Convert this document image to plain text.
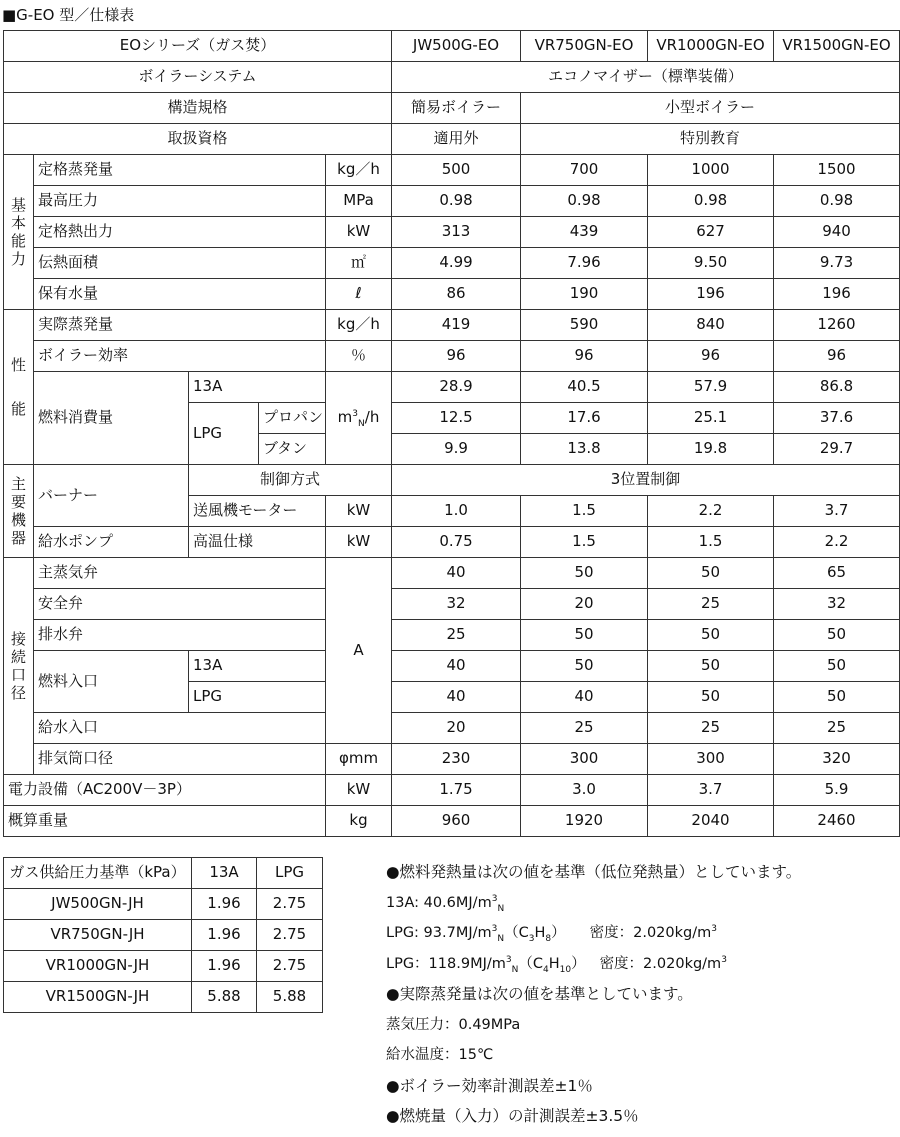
■G-EO 型／仕様表
EOシリーズ（ガス焚）					JW500G-EO	VR750GN-EO	VR1000GN-EO	VR1500GN-EO
ボイラーシステム					エコノマイザー（標準装備）			
構造規格					簡易ボイラー	小型ボイラー		
取扱資格					適用外	特別教育		

基
本
能
力	定格蒸発量			kg／h	500	700	1000	1500
	最高圧力			MPa	0.98	0.98	0.98	0.98
	定格熱出力			kW	313	439	627	940
	伝熱面積			㎡	4.99	7.96	9.50	9.73
	保有水量			ℓ	86	190	196	196

性
能	実際蒸発量			kg／h	419	590	840	1260
	ボイラー効率			％	96	96	96	96
	燃料消費量	13A		$m^3_N/h$	28.9	40.5	57.9	86.8
		LPG	プロパン		12.5	17.6	25.1	37.6
			ブタン		9.9	13.8	19.8	29.7

主
要
機
器	バーナー	制御方式			3位置制御			
		送風機モーター		kW	1.0	1.5	2.2	3.7
	給水ポンプ	高温仕様		kW	0.75	1.5	1.5	2.2

接
続
口
径	主蒸気弁			A	40	50	50	65
	安全弁				32	20	25	32
	排水弁				25	50	50	50
	燃料入口	13A			40	50	50	50
		LPG			40	40	50	50
	給水入口				20	25	25	25
	排気筒口径			φmm	230	300	300	320
電力設備（AC200V－3P）				kW	1.75	3.0	3.7	5.9
概算重量				kg	960	1920	2040	2460
ガス供給圧力基準（kPa）	13A	LPG
JW500GN-JH	1.96	2.75
VR750GN-JH	1.96	2.75
VR1000GN-JH	1.96	2.75
VR1500GN-JH	5.88	5.88
●燃料発熱量は次の値を基準（低位発熱量）としています。
13A: $40.6MJ/m^3_N$
LPG: $93.7MJ/m^3_N(C_3H_8)$ 密度：$2.020kg/m^3$
LPG：$118.9MJ/m^3_N(C_4H_{10})$ 密度：$2.020kg/m^3$
●実際蒸発量は次の値を基準としています。
蒸気圧力：0.49MPa
給水温度：15℃
●ボイラー効率計測誤差±1％
●燃焼量（入力）の計測誤差±3.5％
